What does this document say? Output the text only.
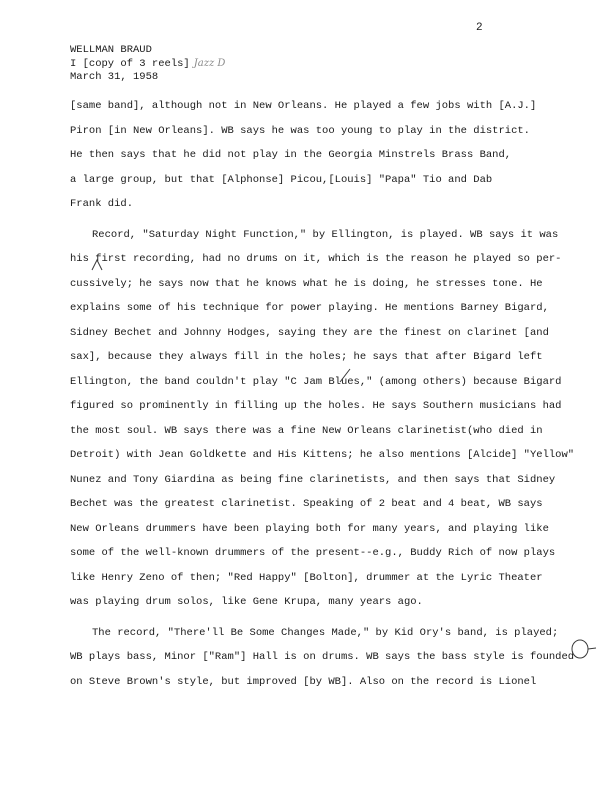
2
WELLMAN BRAUD
I [copy of 3 reels] Jazz D
March 31, 1958
[same band], although not in New Orleans. He played a few jobs with [A.J.]
Piron [in New Orleans]. WB says he was too young to play in the district.
He then says that he did not play in the Georgia Minstrels Brass Band,
a large group, but that [Alphonse] Picou,[Louis] "Papa" Tio and Dab
Frank did.
Record, "Saturday Night Function," by Ellington, is played. WB says it was
his first recording, had no drums on it, which is the reason he played so per-
cussively; he says now that he knows what he is doing, he stresses tone. He
explains some of his technique for power playing. He mentions Barney Bigard,
Sidney Bechet and Johnny Hodges, saying they are the finest on clarinet [and
sax], because they always fill in the holes; he says that after Bigard left
Ellington, the band couldn't play "C Jam Blues," (among others) because Bigard
figured so prominently in filling up the holes. He says Southern musicians had
the most soul. WB says there was a fine New Orleans clarinetist(who died in
Detroit) with Jean Goldkette and His Kittens; he also mentions [Alcide] "Yellow"
Nunez and Tony Giardina as being fine clarinetists, and then says that Sidney
Bechet was the greatest clarinetist. Speaking of 2 beat and 4 beat, WB says
New Orleans drummers have been playing both for many years, and playing like
some of the well-known drummers of the present--e.g., Buddy Rich of now plays
like Henry Zeno of then; "Red Happy" [Bolton], drummer at the Lyric Theater
was playing drum solos, like Gene Krupa, many years ago.
The record, "There'll Be Some Changes Made," by Kid Ory's band, is played;
WB plays bass, Minor ["Ram"] Hall is on drums. WB says the bass style is founded
on Steve Brown's style, but improved [by WB]. Also on the record is Lionel
